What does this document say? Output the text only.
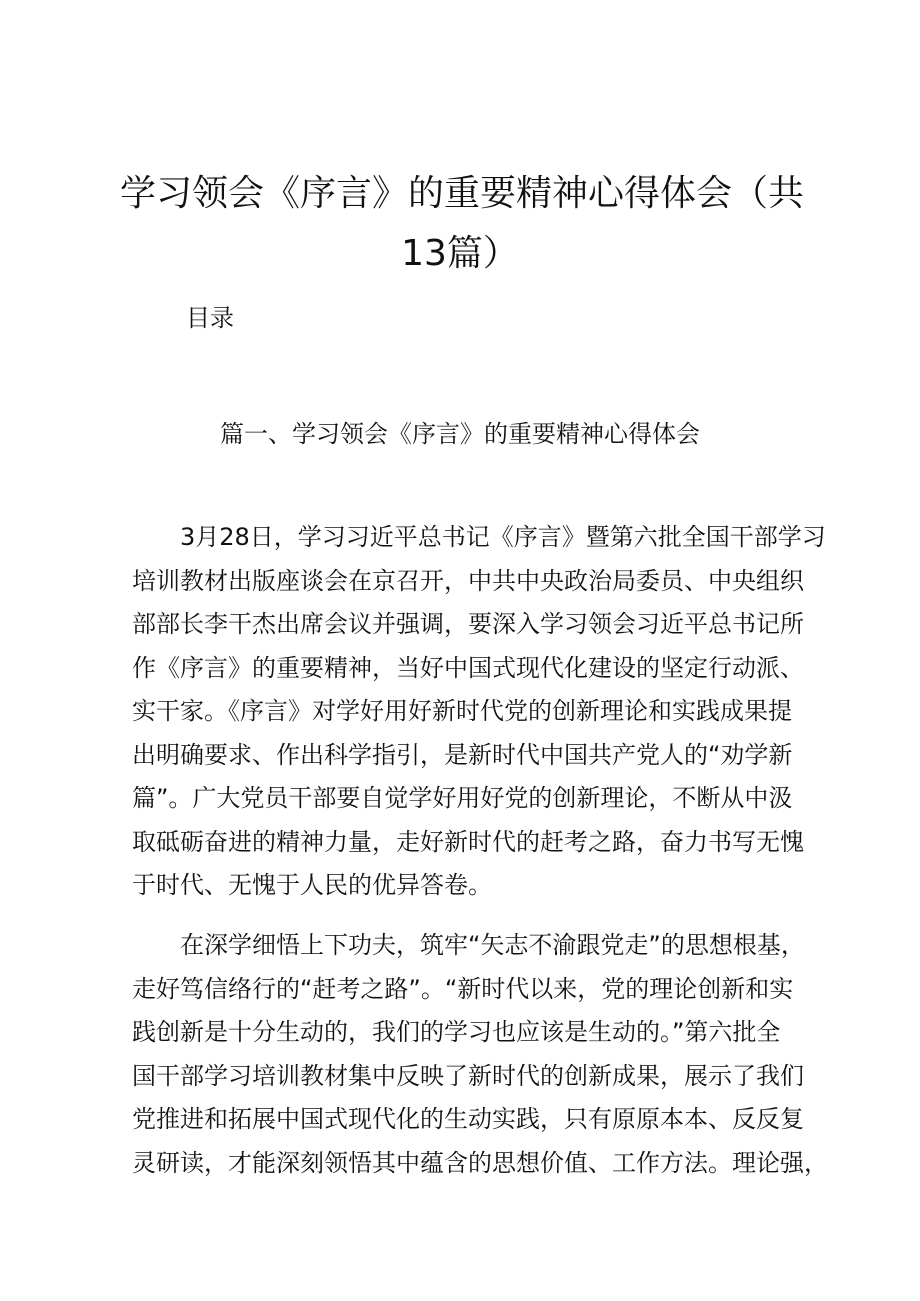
学习领会《序言》的重要精神心得体会（共
13篇）
目录
篇一、学习领会《序言》的重要精神心得体会
　　3月28日，学习习近平总书记《序言》暨第六批全国干部学习
培训教材出版座谈会在京召开，中共中央政治局委员、中央组织
部部长李干杰出席会议并强调，要深入学习领会习近平总书记所
作《序言》的重要精神，当好中国式现代化建设的坚定行动派、
实干家。《序言》对学好用好新时代党的创新理论和实践成果提
出明确要求、作出科学指引，是新时代中国共产党人的“劝学新
篇”。广大党员干部要自觉学好用好党的创新理论，不断从中汲
取砥砺奋进的精神力量，走好新时代的赶考之路，奋力书写无愧
于时代、无愧于人民的优异答卷。
　　在深学细悟上下功夫，筑牢“矢志不渝跟党走”的思想根基，
走好笃信络行的“赶考之路”。“新时代以来，党的理论创新和实
践创新是十分生动的，我们的学习也应该是生动的。”第六批全
国干部学习培训教材集中反映了新时代的创新成果，展示了我们
党推进和拓展中国式现代化的生动实践，只有原原本本、反反复
灵研读，才能深刻领悟其中蕴含的思想价值、工作方法。理论强，
